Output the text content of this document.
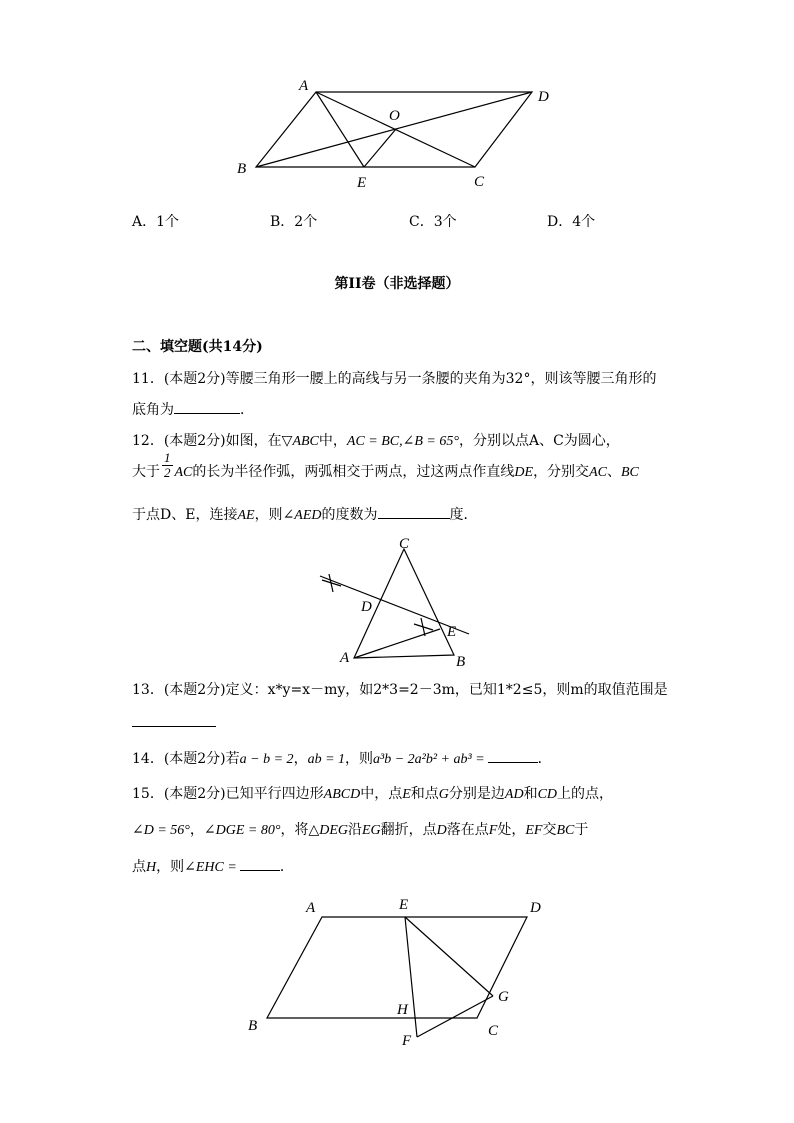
A
D
O
B
E	C
A．1个	B．2个	C．3个	D．4个
第II卷（非选择题）
二、填空题(共14分)
11．(本题2分)等腰三角形一腰上的高线与另一条腰的夹角为32°，则该等腰三角形的
底角为	．
12．(本题2分)如图，在▽ABC中，AC = BC,∠B = 65°，分别以点A、C为圆心，
大于 $\frac{1}{2}$ AC的长为半径作弧，两弧相交于两点，过这两点作直线DE，分别交AC、BC
于点D、E，连接AE，则∠AED的度数为	度．
C
D
E
A	B
13．(本题2分)定义：x*y=x－my，如2*3=2－3m，已知1*2≤5，则m的取值范围是
14．(本题2分)若a − b = 2，ab = 1，则a³b − 2a²b² + ab³ =	．
15．(本题2分)已知平行四边形ABCD中，点E和点G分别是边AD和CD上的点，
∠D = 56°，∠DGE = 80°，将△DEG沿EG翻折，点D落在点F处，EF交BC于
点H，则∠EHC =	．
A	E	D
G
H
B	C
F
